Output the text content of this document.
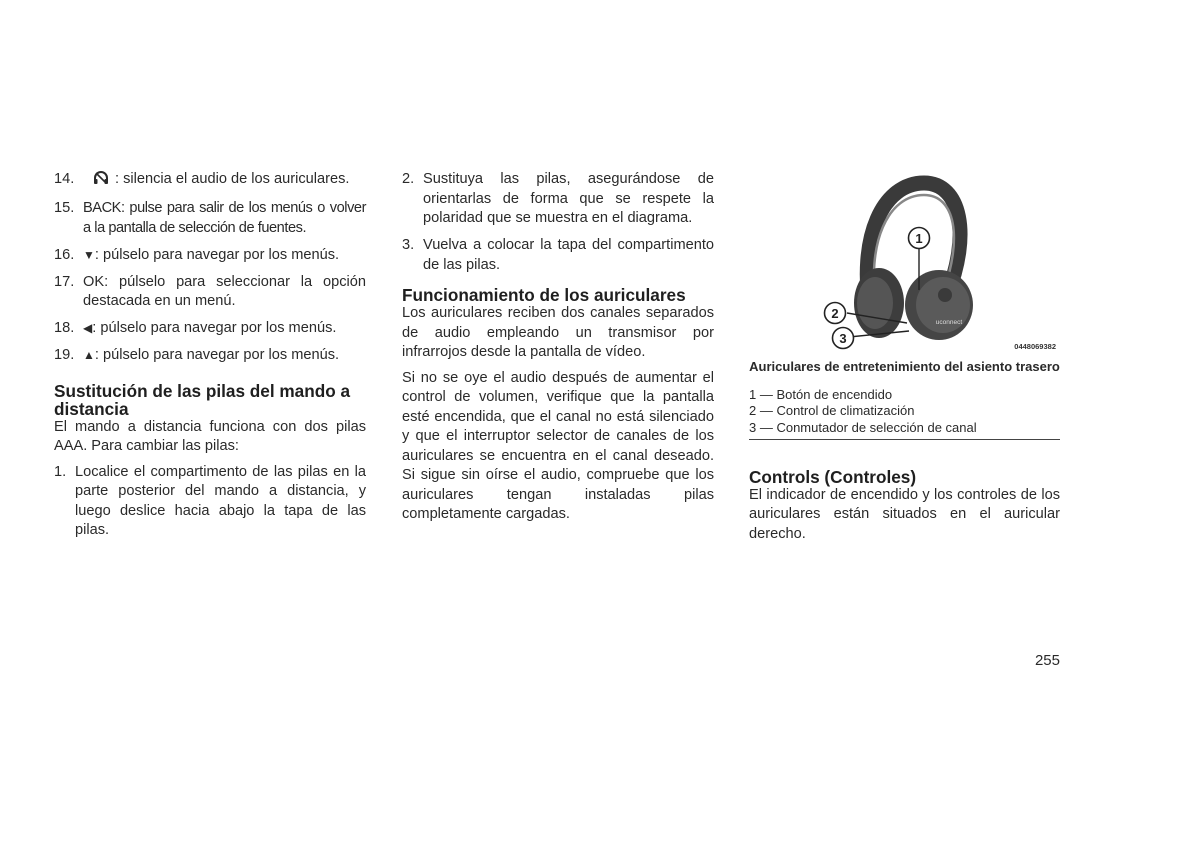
14.	: silencia el audio de los auriculares.
15. BACK: pulse para salir de los menús o volver a la pantalla de selección de fuentes.
16. ▼: púlselo para navegar por los menús.
17. OK: púlselo para seleccionar la opción destacada en un menú.
18. ◀: púlselo para navegar por los menús.
19. ▲: púlselo para navegar por los menús.
Sustitución de las pilas del mando a distancia

El mando a distancia funciona con dos pilas AAA. Para cambiar las pilas:

1. Localice el compartimento de las pilas en la parte posterior del mando a distancia, y luego deslice hacia abajo la tapa de las pilas.
2. Sustituya las pilas, asegurándose de orientarlas de forma que se respete la polaridad que se muestra en el diagrama.
3. Vuelva a colocar la tapa del compartimento de las pilas.
Funcionamiento de los auriculares

Los auriculares reciben dos canales separados de audio empleando un transmisor por infrarrojos desde la pantalla de vídeo.

Si no se oye el audio después de aumentar el control de volumen, verifique que la pantalla esté encendida, que el canal no está silenciado y que el interruptor selector de canales de los auriculares se encuentra en el canal deseado. Si sigue sin oírse el audio, compruebe que los auriculares tengan instaladas pilas completamente cargadas.

1
2
3
uconnect
0448069382
Auriculares de entretenimiento del asiento trasero
1 — Botón de encendido
2 — Control de climatización
3 — Conmutador de selección de canal
Controls (Controles)

El indicador de encendido y los controles de los auriculares están situados en el auricular derecho.

255
